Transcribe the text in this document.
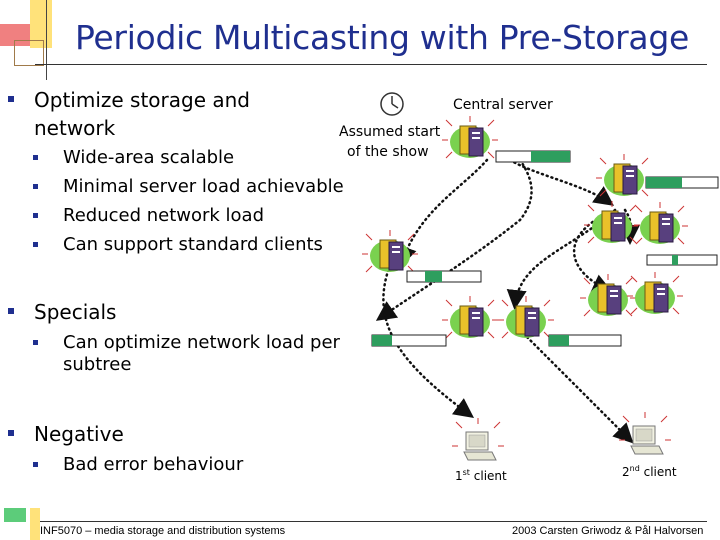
Periodic Multicasting with Pre-Storage
Optimize storage and
network
Wide-area scalable
Minimal server load achievable
Reduced network load
Can support standard clients
Specials
Can optimize network load per
subtree
Negative
Bad error behaviour
Central server
Assumed start
of the show
1st client	2nd client
INF5070 – media storage and distribution systems	2003 Carsten Griwodz & Pål Halvorsen
